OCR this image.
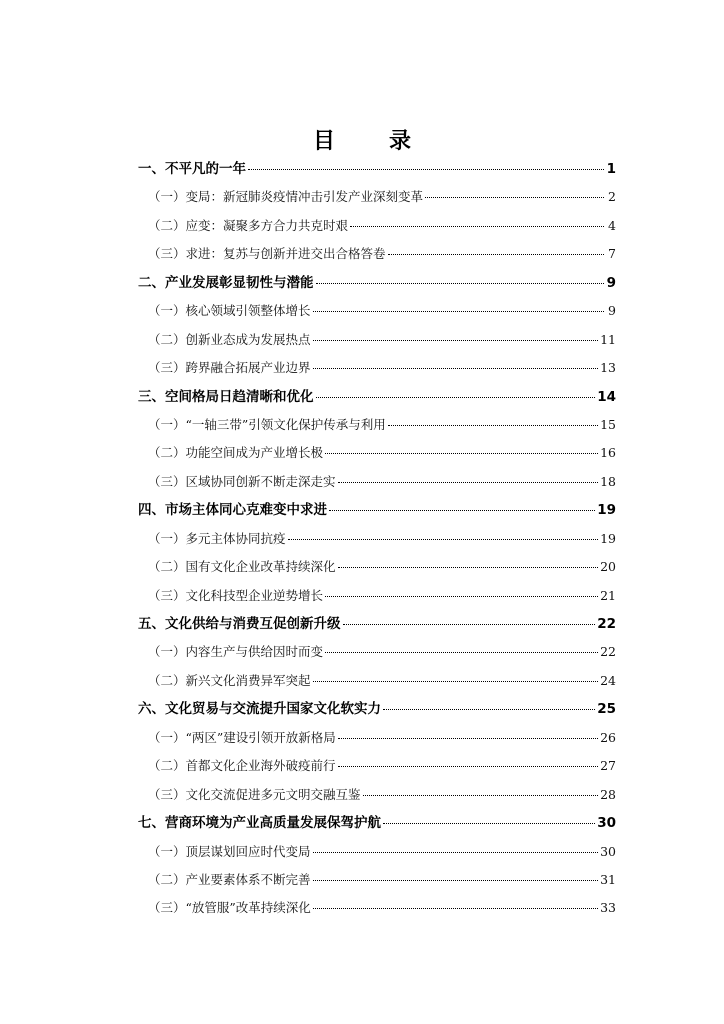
目　录
一、不平凡的一年	1
（一）变局：新冠肺炎疫情冲击引发产业深刻变革	2
（二）应变：凝聚多方合力共克时艰	4
（三）求进：复苏与创新并进交出合格答卷	7
二、产业发展彰显韧性与潜能	9
（一）核心领域引领整体增长	9
（二）创新业态成为发展热点	11
（三）跨界融合拓展产业边界	13
三、空间格局日趋清晰和优化	14
（一）“一轴三带”引领文化保护传承与利用	15
（二）功能空间成为产业增长极	16
（三）区域协同创新不断走深走实	18
四、市场主体同心克难变中求进	19
（一）多元主体协同抗疫	19
（二）国有文化企业改革持续深化	20
（三）文化科技型企业逆势增长	21
五、文化供给与消费互促创新升级	22
（一）内容生产与供给因时而变	22
（二）新兴文化消费异军突起	24
六、文化贸易与交流提升国家文化软实力	25
（一）“两区”建设引领开放新格局	26
（二）首都文化企业海外破疫前行	27
（三）文化交流促进多元文明交融互鉴	28
七、营商环境为产业高质量发展保驾护航	30
（一）顶层谋划回应时代变局	30
（二）产业要素体系不断完善	31
（三）“放管服”改革持续深化	33
